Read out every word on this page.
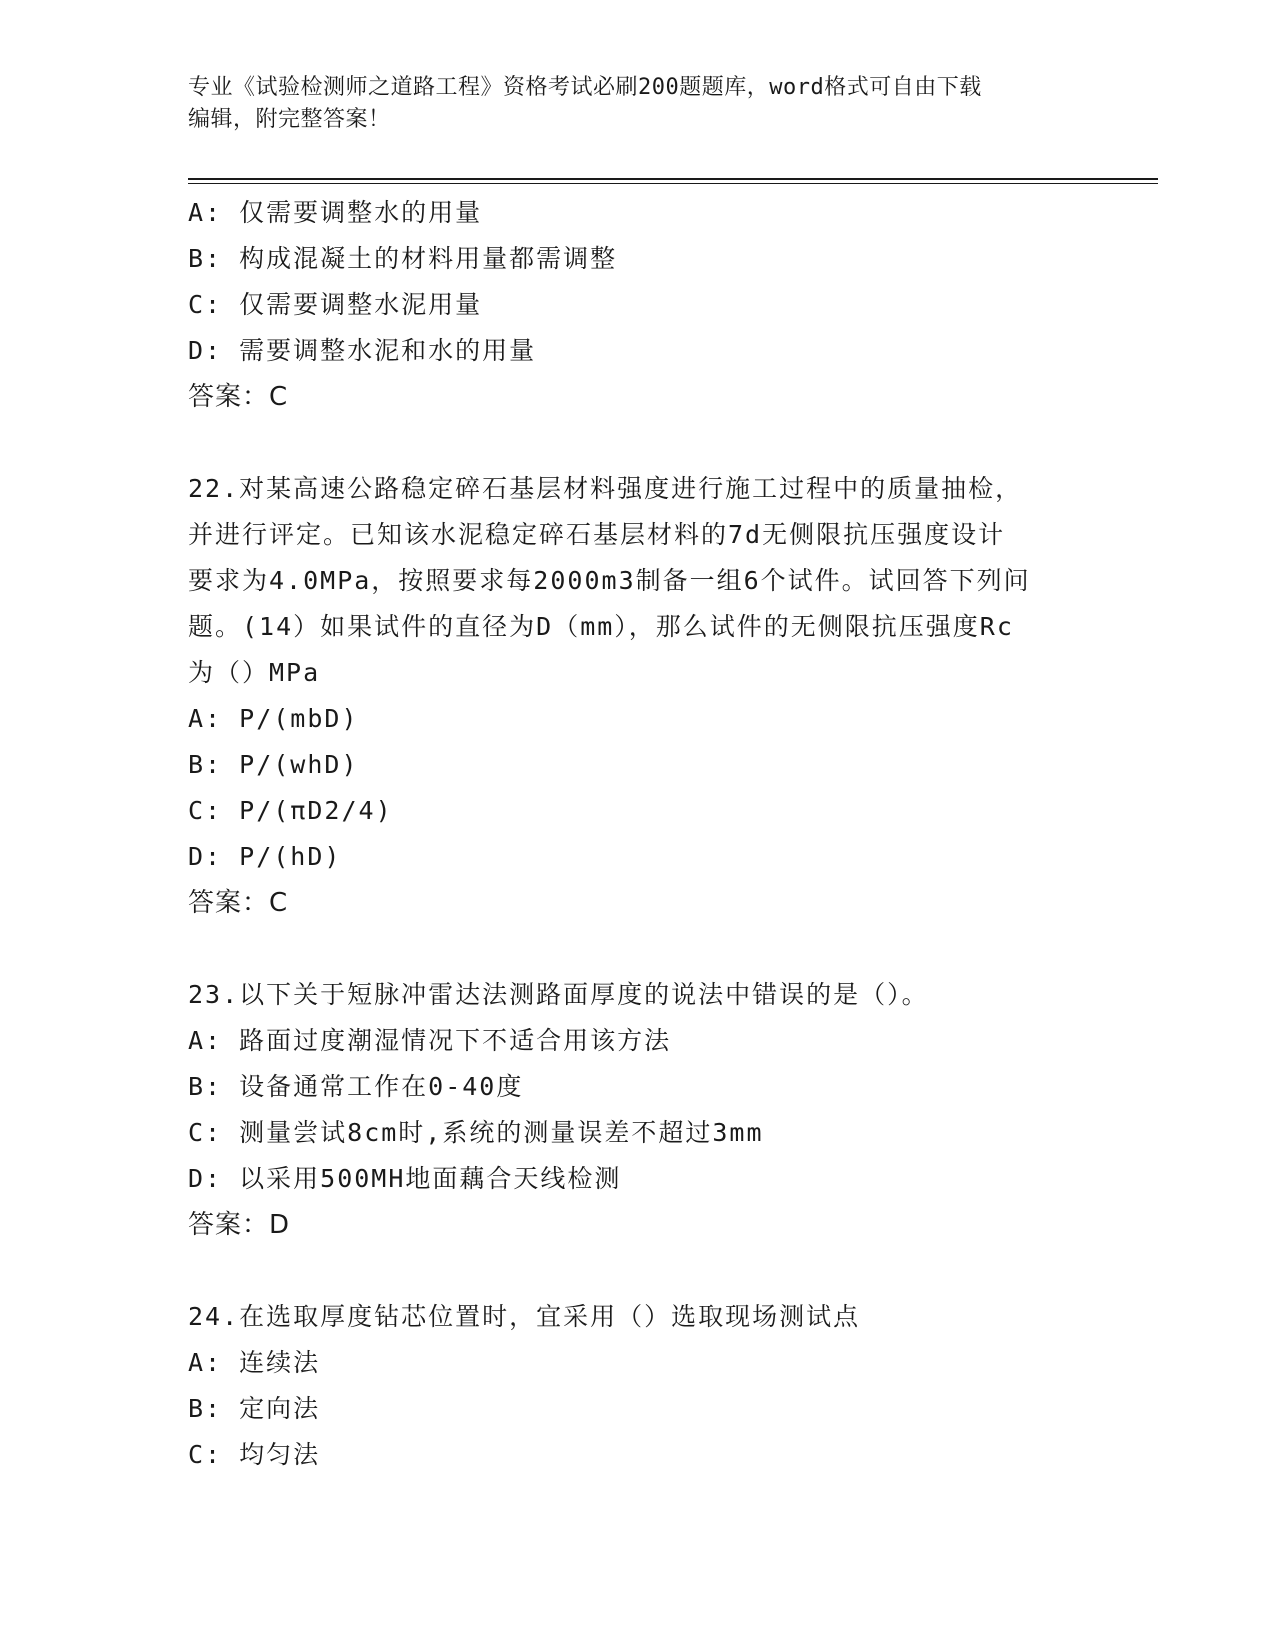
专业《试验检测师之道路工程》资格考试必刷200题题库，word格式可自由下载
编辑，附完整答案！
A: 仅需要调整水的用量
B: 构成混凝土的材料用量都需调整
C: 仅需要调整水泥用量
D: 需要调整水泥和水的用量
答案：C
22.对某高速公路稳定碎石基层材料强度进行施工过程中的质量抽检，
并进行评定。已知该水泥稳定碎石基层材料的7d无侧限抗压强度设计
要求为4.0MPa，按照要求每2000m3制备一组6个试件。试回答下列问
题。(14）如果试件的直径为D（mm），那么试件的无侧限抗压强度Rc
为（）MPa
A: P/(mbD)
B: P/(whD)
C: P/(πD2/4)
D: P/(hD)
答案：C
23.以下关于短脉冲雷达法测路面厚度的说法中错误的是（）。
A: 路面过度潮湿情况下不适合用该方法
B: 设备通常工作在0-40度
C: 测量尝试8cm时,系统的测量误差不超过3mm
D: 以采用500MH地面藕合天线检测
答案：D
24.在选取厚度钻芯位置时，宜采用（）选取现场测试点
A: 连续法
B: 定向法
C: 均匀法
